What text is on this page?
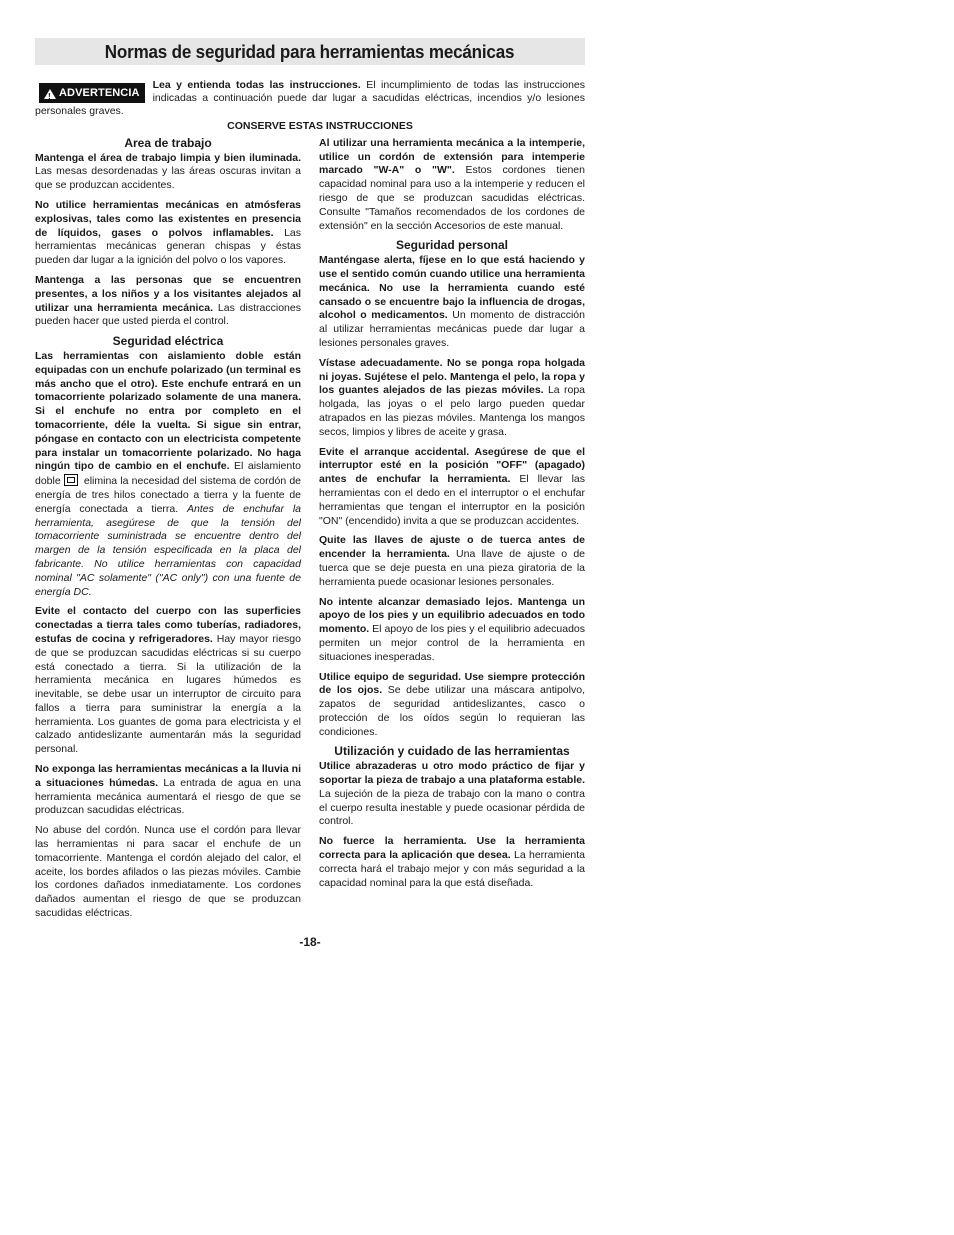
Normas de seguridad para herramientas mecánicas
!
ADVERTENCIA
Lea y entienda todas las instrucciones. El incumplimiento de todas las instrucciones indicadas a continuación puede dar lugar a sacudidas eléctricas, incendios y/o lesiones personales graves.
CONSERVE ESTAS INSTRUCCIONES
Area de trabajo

Mantenga el área de trabajo limpia y bien iluminada. Las mesas desordenadas y las áreas oscuras invitan a que se produzcan accidentes.

No utilice herramientas mecánicas en atmósferas explosivas, tales como las existentes en presencia de líquidos, gases o polvos inflamables. Las herramientas mecánicas generan chispas y éstas pueden dar lugar a la ignición del polvo o los vapores.

Mantenga a las personas que se encuentren presentes, a los niños y a los visitantes alejados al utilizar una herramienta mecánica. Las distracciones pueden hacer que usted pierda el control.

Seguridad eléctrica

Las herramientas con aislamiento doble están equipadas con un enchufe polarizado (un terminal es más ancho que el otro). Este enchufe entrará en un tomacorriente polarizado solamente de una manera. Si el enchufe no entra por completo en el tomacorriente, déle la vuelta. Si sigue sin entrar, póngase en contacto con un electricista competente para instalar un tomacorriente polarizado. No haga ningún tipo de cambio en el enchufe. El aislamiento doble elimina la necesidad del sistema de cordón de energía de tres hilos conectado a tierra y la fuente de energía conectada a tierra. Antes de enchufar la herramienta, asegúrese de que la tensión del tomacorriente suministrada se encuentre dentro del margen de la tensión especificada en la placa del fabricante. No utilice herramientas con capacidad nominal "AC solamente" ("AC only") con una fuente de energía DC.

Evite el contacto del cuerpo con las superficies conectadas a tierra tales como tuberías, radiadores, estufas de cocina y refrigeradores. Hay mayor riesgo de que se produzcan sacudidas eléctricas si su cuerpo está conectado a tierra. Si la utilización de la herramienta mecánica en lugares húmedos es inevitable, se debe usar un interruptor de circuito para fallos a tierra para suministrar la energía a la herramienta. Los guantes de goma para electricista y el calzado antideslizante aumentarán más la seguridad personal.

No exponga las herramientas mecánicas a la lluvia ni a situaciones húmedas. La entrada de agua en una herramienta mecánica aumentará el riesgo de que se produzcan sacudidas eléctricas.

No abuse del cordón. Nunca use el cordón para llevar las herramientas ni para sacar el enchufe de un tomacorriente. Mantenga el cordón alejado del calor, el aceite, los bordes afilados o las piezas móviles. Cambie los cordones dañados inmediatamente. Los cordones dañados aumentan el riesgo de que se produzcan sacudidas eléctricas.

Al utilizar una herramienta mecánica a la intemperie, utilice un cordón de extensión para intemperie marcado "W-A" o "W". Estos cordones tienen capacidad nominal para uso a la intemperie y reducen el riesgo de que se produzcan sacudidas eléctricas. Consulte "Tamaños recomendados de los cordones de extensión" en la sección Accesorios de este manual.

Seguridad personal

Manténgase alerta, fíjese en lo que está haciendo y use el sentido común cuando utilice una herramienta mecánica. No use la herramienta cuando esté cansado o se encuentre bajo la influencia de drogas, alcohol o medicamentos. Un momento de distracción al utilizar herramientas mecánicas puede dar lugar a lesiones personales graves.

Vístase adecuadamente. No se ponga ropa holgada ni joyas. Sujétese el pelo. Mantenga el pelo, la ropa y los guantes alejados de las piezas móviles. La ropa holgada, las joyas o el pelo largo pueden quedar atrapados en las piezas móviles. Mantenga los mangos secos, limpios y libres de aceite y grasa.

Evite el arranque accidental. Asegúrese de que el interruptor esté en la posición "OFF" (apagado) antes de enchufar la herramienta. El llevar las herramientas con el dedo en el interruptor o el enchufar herramientas que tengan el interruptor en la posición "ON" (encendido) invita a que se produzcan accidentes.

Quite las llaves de ajuste o de tuerca antes de encender la herramienta. Una llave de ajuste o de tuerca que se deje puesta en una pieza giratoria de la herramienta puede ocasionar lesiones personales.

No intente alcanzar demasiado lejos. Mantenga un apoyo de los pies y un equilibrio adecuados en todo momento. El apoyo de los pies y el equilibrio adecuados permiten un mejor control de la herramienta en situaciones inesperadas.

Utilice equipo de seguridad. Use siempre protección de los ojos. Se debe utilizar una máscara antipolvo, zapatos de seguridad antideslizantes, casco o protección de los oídos según lo requieran las condiciones.

Utilización y cuidado de las herramientas

Utilice abrazaderas u otro modo práctico de fijar y soportar la pieza de trabajo a una plataforma estable. La sujeción de la pieza de trabajo con la mano o contra el cuerpo resulta inestable y puede ocasionar pérdida de control.

No fuerce la herramienta. Use la herramienta correcta para la aplicación que desea. La herramienta correcta hará el trabajo mejor y con más seguridad a la capacidad nominal para la que está diseñada.

-18-
